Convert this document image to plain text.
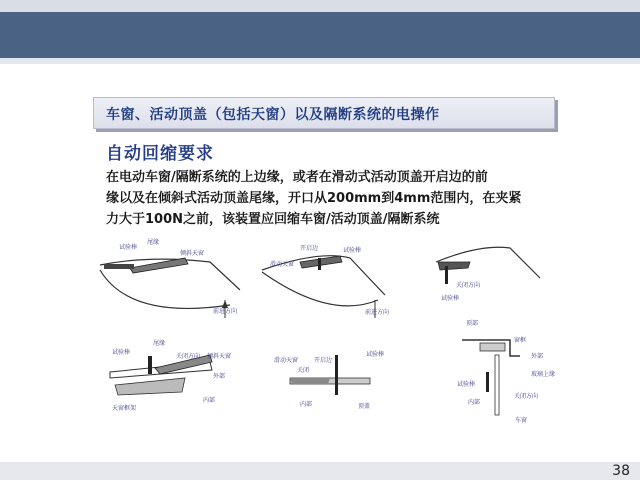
车窗、活动顶盖（包括天窗）以及隔断系统的电操作
自动回缩要求
在电动车窗/隔断系统的上边缘，或者在滑动式活动顶盖开启边的前
缘以及在倾斜式活动顶盖尾缘，开口从200mm到4mm范围内，在夹紧
力大于100N之前，该装置应回缩车窗/活动顶盖/隔断系统
试验棒
尾缘
倾斜天窗
前进方向
开启边
滑动天窗
试验棒
前进方向
试验棒
关闭方向
试验棒
尾缘
关闭方向 倾斜天窗
外部
天窗框架
内部
滑动天窗	开启边
试验棒
关闭
内部	顶盖
顶部
窗框
外部
玻璃上缘
试验棒
内部
关闭方向
车窗
38
